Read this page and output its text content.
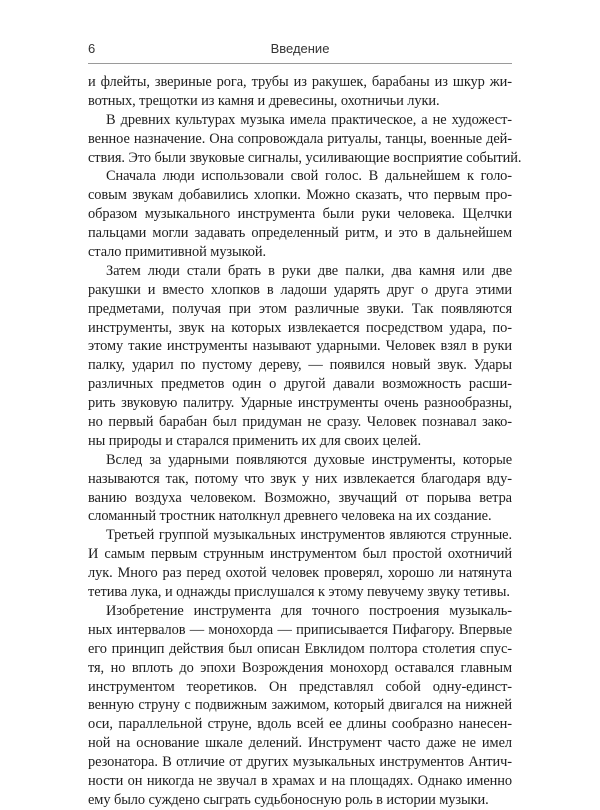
6	Введение
и флейты, звериные рога, трубы из ракушек, барабаны из шкур жи-
вотных, трещотки из камня и древесины, охотничьи луки.
В древних культурах музыка имела практическое, а не художест-
венное назначение. Она сопровождала ритуалы, танцы, военные дей-
ствия. Это были звуковые сигналы, усиливающие восприятие событий.
Сначала люди использовали свой голос. В дальнейшем к голо-
совым звукам добавились хлопки. Можно сказать, что первым про-
образом музыкального инструмента были руки человека. Щелчки
пальцами могли задавать определенный ритм, и это в дальнейшем
стало примитивной музыкой.
Затем люди стали брать в руки две палки, два камня или две
ракушки и вместо хлопков в ладоши ударять друг о друга этими
предметами, получая при этом различные звуки. Так появляются
инструменты, звук на которых извлекается посредством удара, по-
этому такие инструменты называют ударными. Человек взял в руки
палку, ударил по пустому дереву, — появился новый звук. Удары
различных предметов один о другой давали возможность расши-
рить звуковую палитру. Ударные инструменты очень разнообразны,
но первый барабан был придуман не сразу. Человек познавал зако-
ны природы и старался применить их для своих целей.
Вслед за ударными появляются духовые инструменты, которые
называются так, потому что звук у них извлекается благодаря вду-
ванию воздуха человеком. Возможно, звучащий от порыва ветра
сломанный тростник натолкнул древнего человека на их создание.
Третьей группой музыкальных инструментов являются струнные.
И самым первым струнным инструментом был простой охотничий
лук. Много раз перед охотой человек проверял, хорошо ли натянута
тетива лука, и однажды прислушался к этому певучему звуку тетивы.
Изобретение инструмента для точного построения музыкаль-
ных интервалов — монохорда — приписывается Пифагору. Впервые
его принцип действия был описан Евклидом полтора столетия спус-
тя, но вплоть до эпохи Возрождения монохорд оставался главным
инструментом теоретиков. Он представлял собой одну-единст-
венную струну с подвижным зажимом, который двигался на нижней
оси, параллельной струне, вдоль всей ее длины сообразно нанесен-
ной на основание шкале делений. Инструмент часто даже не имел
резонатора. В отличие от других музыкальных инструментов Антич-
ности он никогда не звучал в храмах и на площадях. Однако именно
ему было суждено сыграть судьбоносную роль в истории музыки.
